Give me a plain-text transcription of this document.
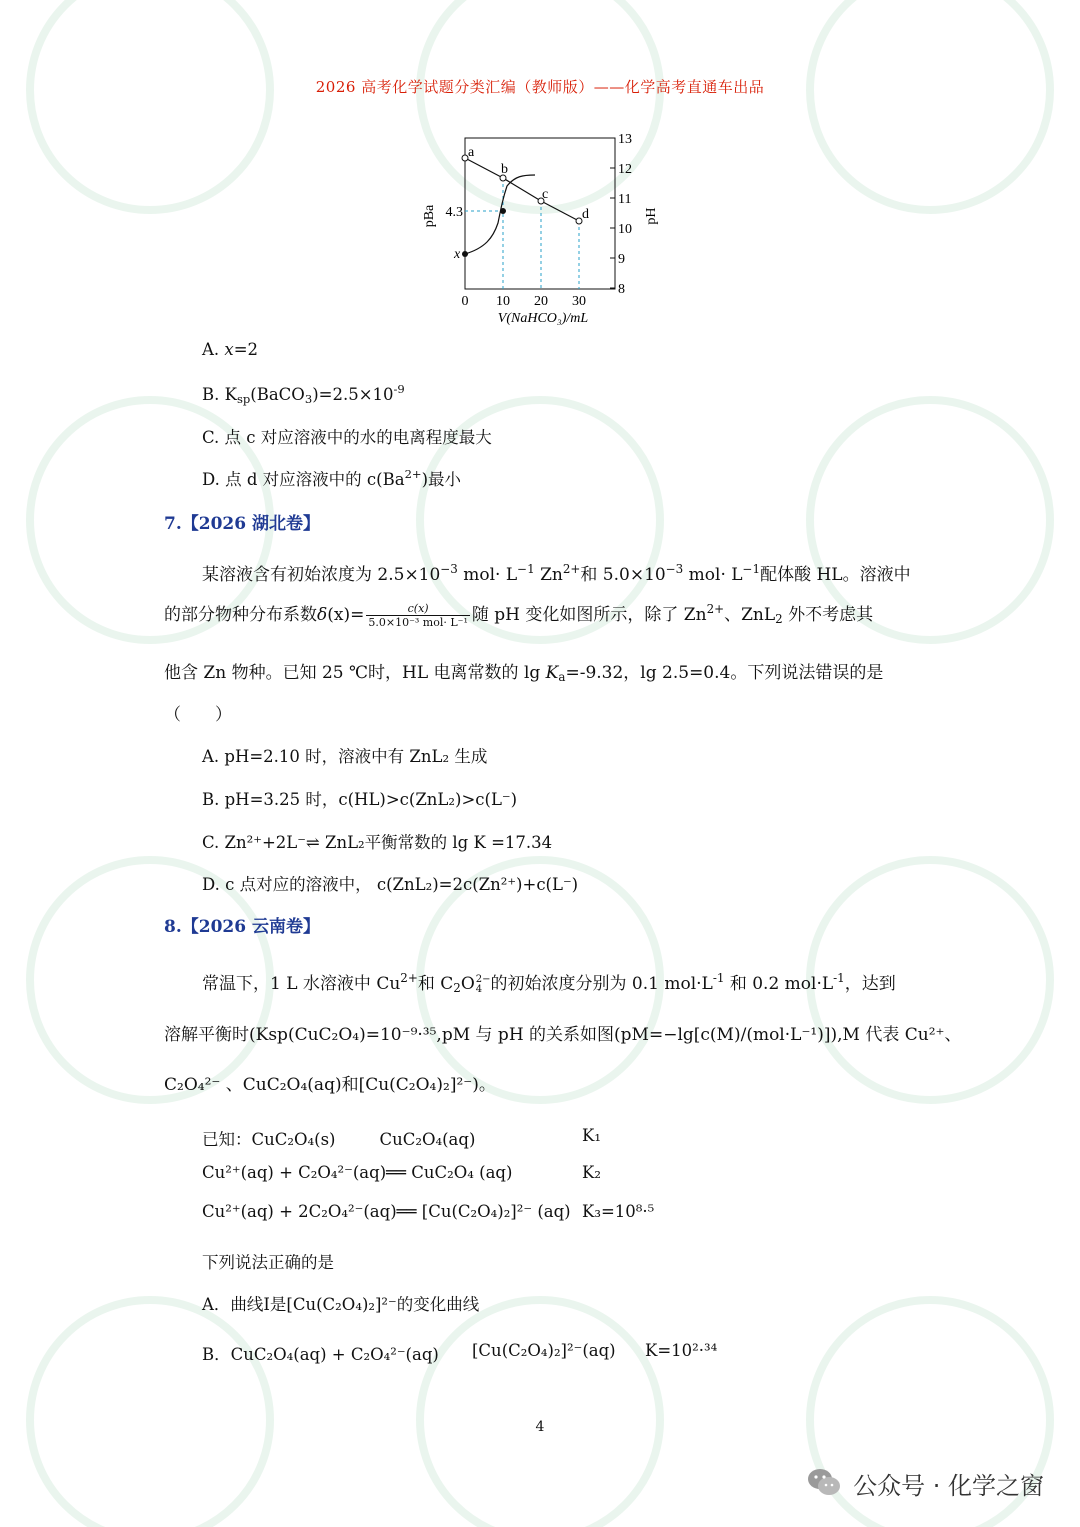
2026 高考化学试题分类汇编（教师版）——化学高考直通车出品
13
12
11
10
9
8
pH
pBa
0 10 20 30
V(NaHCO₃)/mL
4.3
a
b
c
d
x
A. x=2
B. $K_{sp}(BaCO_3)=2.5\times 10^{-9}$
C. 点 c 对应溶液中的水的电离程度最大
D. 点 d 对应溶液中的 $c(Ba^{2+})$最小
7.【2026 湖北卷】
某溶液含有初始浓度为 $2.5\times 10^{-3}$ $mol\cdot L^{-1}$ $Zn^{2+}$和 $5.0\times 10^{-3}$ $mol\cdot L^{-1}$配体酸 HL。溶液中
的部分物种分布系数$\delta(x)= \frac{c(x)}{\text{5.0×10⁻³ mol· L⁻¹}}$ 随 pH 变化如图所示，除了 $Zn^{2+}$、ZnL$_2$ 外不考虑其
他含 Zn 物种。已知 25 ℃时，HL 电离常数的 $\lg K_a=-9.32$，lg 2.5=0.4。下列说法错误的是
（　　）
A. pH=2.10 时，溶液中有 ZnL₂ 生成
B. pH=3.25 时，c(HL)>c(ZnL₂)>c(L⁻)
C. Zn²⁺+2L⁻⇌ ZnL₂平衡常数的 lg K =17.34
D. c 点对应的溶液中， c(ZnL₂)=2c(Zn²⁺)+c(L⁻)
8.【2026 云南卷】
常温下，1 L 水溶液中 $Cu^{2+}$和 $C_2O2-$
4 的初始浓度分别为 0.1 $mol\cdot L^{-1}$ 和 0.2 $mol\cdot L^{-1}$，达到
溶解平衡时(Ksp(CuC₂O₄)=10⁻⁹·³⁵,pM 与 pH 的关系如图(pM=−lg[c(M)/(mol·L⁻¹)]),M 代表 Cu²⁺、
C₂O₄²⁻ 、CuC₂O₄(aq)和[Cu(C₂O₄)₂]²⁻)。
已知：CuC₂O₄(s)	CuC₂O₄(aq)	K₁
Cu²⁺(aq) + C₂O₄²⁻(aq)══ CuC₂O₄ (aq)	K₂
Cu²⁺(aq) + 2C₂O₄²⁻(aq)══ [Cu(C₂O₄)₂]²⁻ (aq) K₃=10⁸·⁵
下列说法正确的是
A．曲线Ⅰ是[Cu(C₂O₄)₂]²⁻的变化曲线
B．CuC₂O₄(aq) + C₂O₄²⁻(aq) [Cu(C₂O₄)₂]²⁻(aq) K=10²·³⁴
4
公众号 · 化学之窗
